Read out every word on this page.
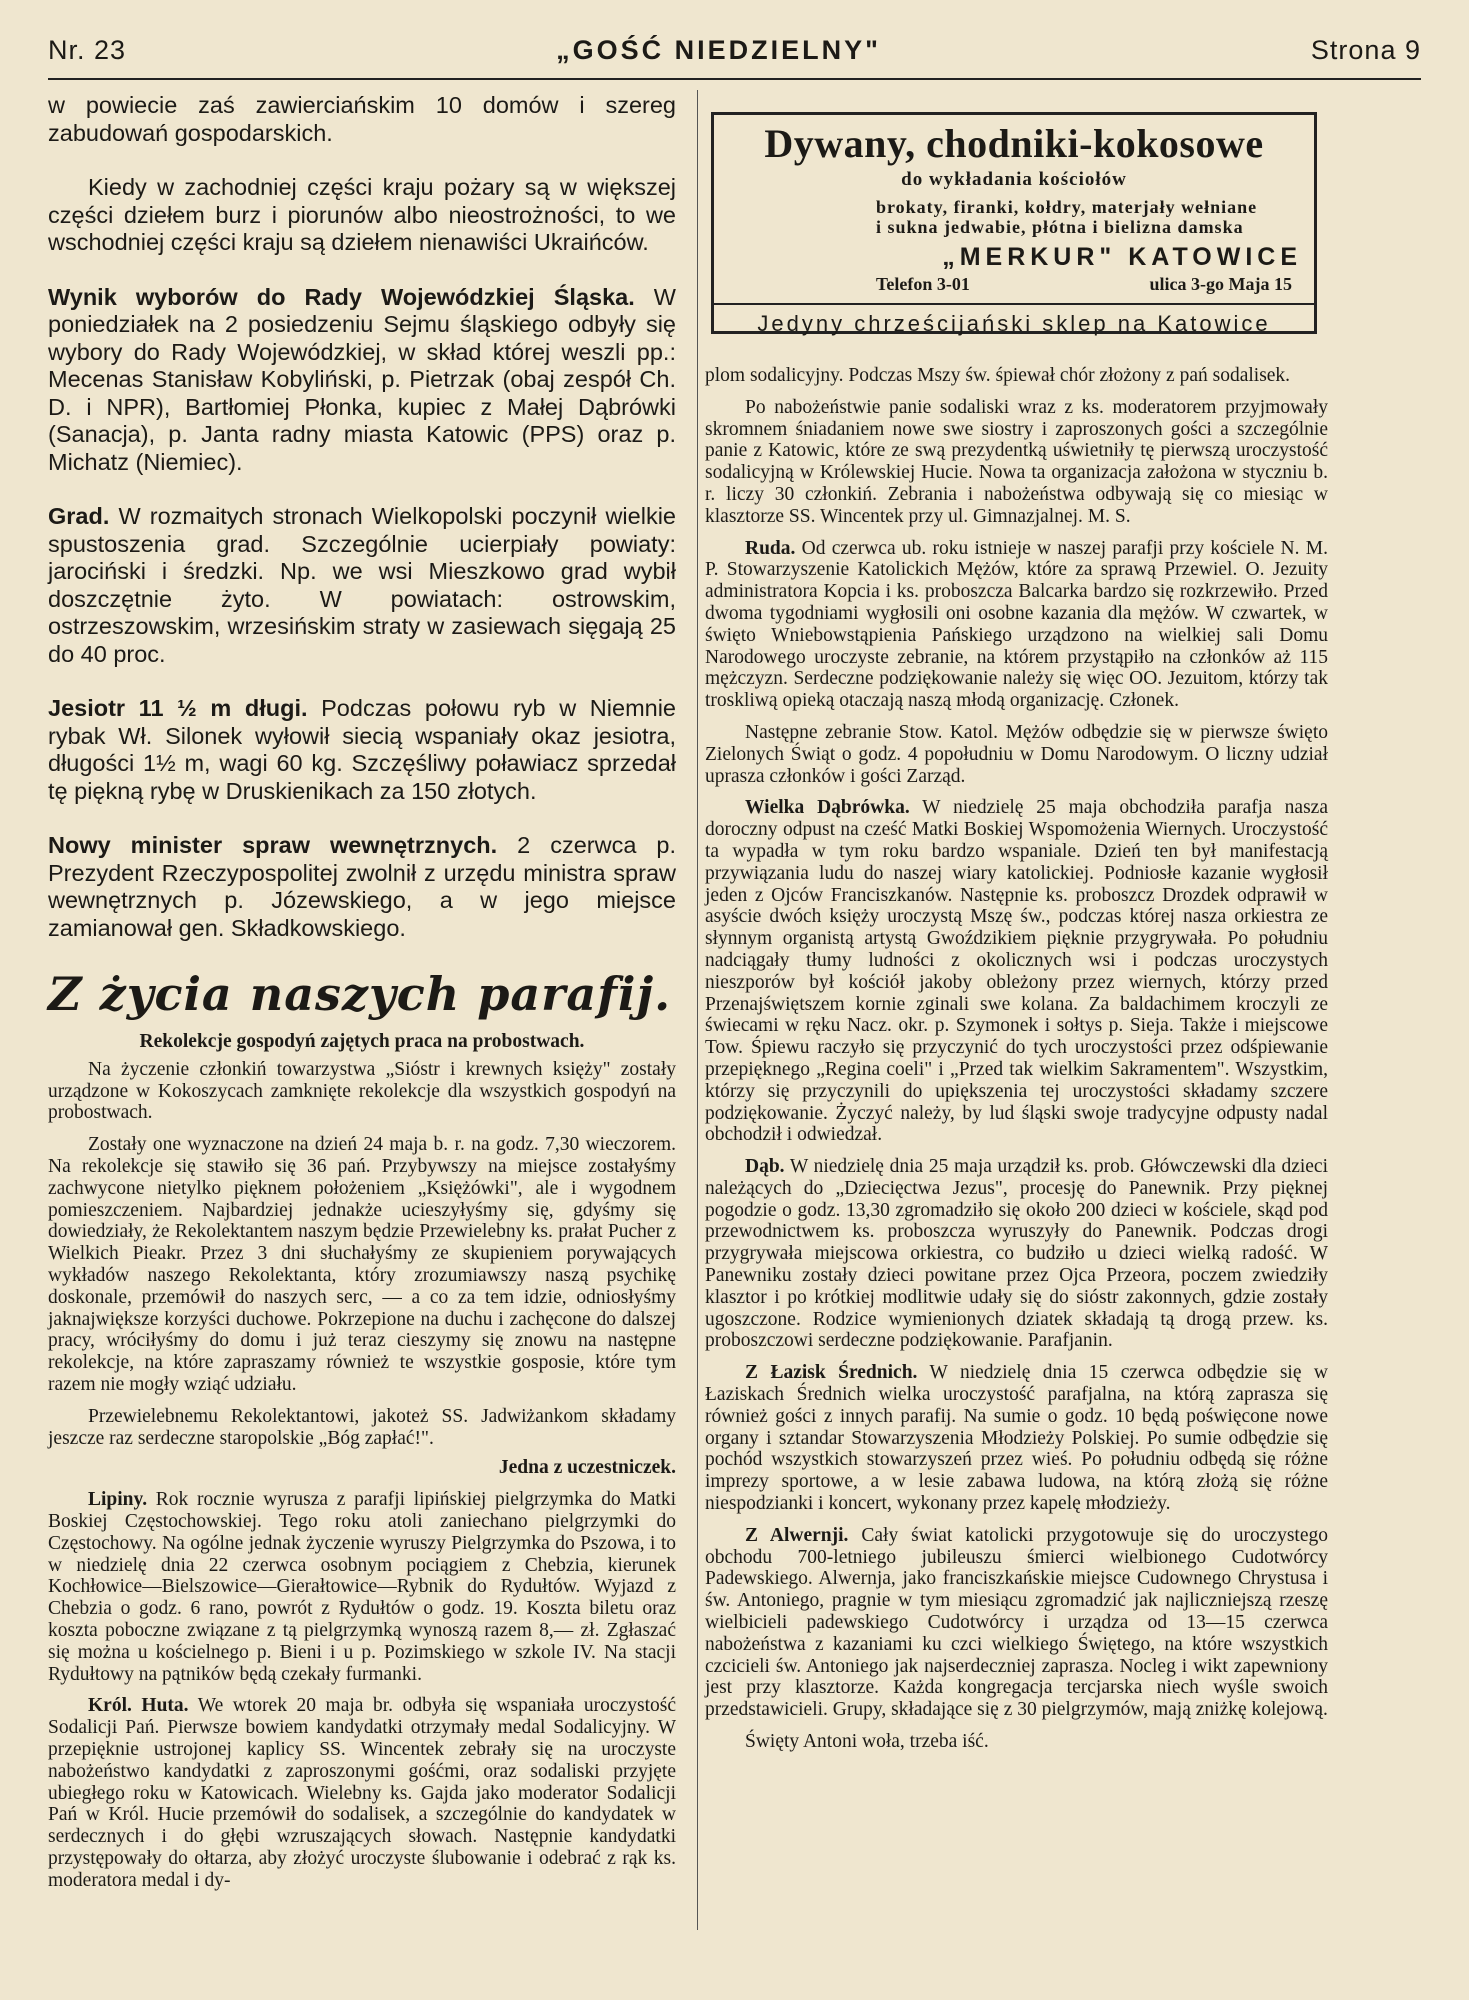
Nr. 23	„GOŚĆ NIEDZIELNY"	Strona 9

w powiecie zaś zawierciańskim 10 domów i szereg zabudowań gospodarskich.

Kiedy w zachodniej części kraju pożary są w większej części dziełem burz i piorunów albo nieostrożności, to we wschodniej części kraju są dziełem nienawiści Ukraińców.

Wynik wyborów do Rady Wojewódzkiej Śląska. W poniedziałek na 2 posiedzeniu Sejmu śląskiego odbyły się wybory do Rady Wojewódzkiej, w skład której weszli pp.: Mecenas Stanisław Kobyliński, p. Pietrzak (obaj zespół Ch. D. i NPR), Bartłomiej Płonka, kupiec z Małej Dąbrówki (Sanacja), p. Janta radny miasta Katowic (PPS) oraz p. Michatz (Niemiec).

Grad. W rozmaitych stronach Wielkopolski poczynił wielkie spustoszenia grad. Szczególnie ucierpiały powiaty: jarociński i średzki. Np. we wsi Mieszkowo grad wybił doszczętnie żyto. W powiatach: ostrowskim, ostrzeszowskim, wrzesińskim straty w zasiewach sięgają 25 do 40 proc.

Jesiotr 11 ½ m długi. Podczas połowu ryb w Niemnie rybak Wł. Silonek wyłowił siecią wspaniały okaz jesiotra, długości 1½ m, wagi 60 kg. Szczęśliwy poławiacz sprzedał tę piękną rybę w Druskienikach za 150 złotych.

Nowy minister spraw wewnętrznych. 2 czerwca p. Prezydent Rzeczypospolitej zwolnił z urzędu ministra spraw wewnętrznych p. Józewskiego, a w jego miejsce zamianował gen. Składkowskiego.

Z życia naszych parafij.

Rekolekcje gospodyń zajętych praca na probostwach.

Na życzenie członkiń towarzystwa „Sióstr i krewnych księży" zostały urządzone w Kokoszycach zamknięte rekolekcje dla wszystkich gospodyń na probostwach.

Zostały one wyznaczone na dzień 24 maja b. r. na godz. 7,30 wieczorem. Na rekolekcje się stawiło się 36 pań. Przybywszy na miejsce zostałyśmy zachwycone nietylko pięknem położeniem „Księżówki", ale i wygodnem pomieszczeniem. Najbardziej jednakże ucieszyłyśmy się, gdyśmy się dowiedziały, że Rekolektantem naszym będzie Przewielebny ks. prałat Pucher z Wielkich Pieakr. Przez 3 dni słuchałyśmy ze skupieniem porywających wykładów naszego Rekolektanta, który zrozumiawszy naszą psychikę doskonale, przemówił do naszych serc, — a co za tem idzie, odniosłyśmy jaknajwiększe korzyści duchowe. Pokrzepione na duchu i zachęcone do dalszej pracy, wróciłyśmy do domu i już teraz cieszymy się znowu na następne rekolekcje, na które zapraszamy również te wszystkie gosposie, które tym razem nie mogły wziąć udziału.

Przewielebnemu Rekolektantowi, jakoteż SS. Jadwiżankom składamy jeszcze raz serdeczne staropolskie „Bóg zapłać!".

Jedna z uczestniczek.

Lipiny. Rok rocznie wyrusza z parafji lipińskiej pielgrzymka do Matki Boskiej Częstochowskiej. Tego roku atoli zaniechano pielgrzymki do Częstochowy. Na ogólne jednak życzenie wyruszy Pielgrzymka do Pszowa, i to w niedzielę dnia 22 czerwca osobnym pociągiem z Chebzia, kierunek Kochłowice—Bielszowice—Gierałtowice—Rybnik do Rydułtów. Wyjazd z Chebzia o godz. 6 rano, powrót z Rydułtów o godz. 19. Koszta biletu oraz koszta poboczne związane z tą pielgrzymką wynoszą razem 8,— zł. Zgłaszać się można u kościelnego p. Bieni i u p. Pozimskiego w szkole IV. Na stacji Rydułtowy na pątników będą czekały furmanki.

Król. Huta. We wtorek 20 maja br. odbyła się wspaniała uroczystość Sodalicji Pań. Pierwsze bowiem kandydatki otrzymały medal Sodalicyjny. W przepięknie ustrojonej kaplicy SS. Wincentek zebrały się na uroczyste nabożeństwo kandydatki z zaproszonymi gośćmi, oraz sodaliski przyjęte ubiegłego roku w Katowicach. Wielebny ks. Gajda jako moderator Sodalicji Pań w Król. Hucie przemówił do sodalisek, a szczególnie do kandydatek w serdecznych i do głębi wzruszających słowach. Następnie kandydatki przystępowały do ołtarza, aby złożyć uroczyste ślubowanie i odebrać z rąk ks. moderatora medal i dy-

Dywany, chodniki-kokosowe
do wykładania kościołów
brokaty, firanki, kołdry, materjały wełniane
i sukna jedwabie, płótna i bielizna damska
„MERKUR" KATOWICE
Telefon 3-01	ulica 3-go Maja 15
Jedyny chrześcijański sklep na Katowice

plom sodalicyjny. Podczas Mszy św. śpiewał chór złożony z pań sodalisek.

Po nabożeństwie panie sodaliski wraz z ks. moderatorem przyjmowały skromnem śniadaniem nowe swe siostry i zaproszonych gości a szczególnie panie z Katowic, które ze swą prezydentką uświetniły tę pierwszą uroczystość sodalicyjną w Królewskiej Hucie. Nowa ta organizacja założona w styczniu b. r. liczy 30 członkiń. Zebrania i nabożeństwa odbywają się co miesiąc w klasztorze SS. Wincentek przy ul. Gimnazjalnej. M. S.

Ruda. Od czerwca ub. roku istnieje w naszej parafji przy kościele N. M. P. Stowarzyszenie Katolickich Mężów, które za sprawą Przewiel. O. Jezuity administratora Kopcia i ks. proboszcza Balcarka bardzo się rozkrzewiło. Przed dwoma tygodniami wygłosili oni osobne kazania dla mężów. W czwartek, w święto Wniebowstąpienia Pańskiego urządzono na wielkiej sali Domu Narodowego uroczyste zebranie, na którem przystąpiło na członków aż 115 mężczyzn. Serdeczne podziękowanie należy się więc OO. Jezuitom, którzy tak troskliwą opieką otaczają naszą młodą organizację. Członek.

Następne zebranie Stow. Katol. Mężów odbędzie się w pierwsze święto Zielonych Świąt o godz. 4 popołudniu w Domu Narodowym. O liczny udział uprasza członków i gości Zarząd.

Wielka Dąbrówka. W niedzielę 25 maja obchodziła parafja nasza doroczny odpust na cześć Matki Boskiej Wspomożenia Wiernych. Uroczystość ta wypadła w tym roku bardzo wspaniale. Dzień ten był manifestacją przywiązania ludu do naszej wiary katolickiej. Podniosłe kazanie wygłosił jeden z Ojców Franciszkanów. Następnie ks. proboszcz Drozdek odprawił w asyście dwóch księży uroczystą Mszę św., podczas której nasza orkiestra ze słynnym organistą artystą Gwoździkiem pięknie przygrywała. Po południu nadciągały tłumy ludności z okolicznych wsi i podczas uroczystych nieszporów był kościół jakoby obleżony przez wiernych, którzy przed Przenajświętszem kornie zginali swe kolana. Za baldachimem kroczyli ze świecami w ręku Nacz. okr. p. Szymonek i sołtys p. Sieja. Także i miejscowe Tow. Śpiewu raczyło się przyczynić do tych uroczystości przez odśpiewanie przepięknego „Regina coeli" i „Przed tak wielkim Sakramentem". Wszystkim, którzy się przyczynili do upiększenia tej uroczystości składamy szczere podziękowanie. Życzyć należy, by lud śląski swoje tradycyjne odpusty nadal obchodził i odwiedzał.

Dąb. W niedzielę dnia 25 maja urządził ks. prob. Główczewski dla dzieci należących do „Dziecięctwa Jezus", procesję do Panewnik. Przy pięknej pogodzie o godz. 13,30 zgromadziło się około 200 dzieci w kościele, skąd pod przewodnictwem ks. proboszcza wyruszyły do Panewnik. Podczas drogi przygrywała miejscowa orkiestra, co budziło u dzieci wielką radość. W Panewniku zostały dzieci powitane przez Ojca Przeora, poczem zwiedziły klasztor i po krótkiej modlitwie udały się do sióstr zakonnych, gdzie zostały ugoszczone. Rodzice wymienionych dziatek składają tą drogą przew. ks. proboszczowi serdeczne podziękowanie. Parafjanin.

Z Łazisk Średnich. W niedzielę dnia 15 czerwca odbędzie się w Łaziskach Średnich wielka uroczystość parafjalna, na którą zaprasza się również gości z innych parafij. Na sumie o godz. 10 będą poświęcone nowe organy i sztandar Stowarzyszenia Młodzieży Polskiej. Po sumie odbędzie się pochód wszystkich stowarzyszeń przez wieś. Po południu odbędą się różne imprezy sportowe, a w lesie zabawa ludowa, na którą złożą się różne niespodzianki i koncert, wykonany przez kapelę młodzieży.

Z Alwernji. Cały świat katolicki przygotowuje się do uroczystego obchodu 700-letniego jubileuszu śmierci wielbionego Cudotwórcy Padewskiego. Alwernja, jako franciszkańskie miejsce Cudownego Chrystusa i św. Antoniego, pragnie w tym miesiącu zgromadzić jak najliczniejszą rzeszę wielbicieli padewskiego Cudotwórcy i urządza od 13—15 czerwca nabożeństwa z kazaniami ku czci wielkiego Świętego, na które wszystkich czcicieli św. Antoniego jak najserdeczniej zaprasza. Nocleg i wikt zapewniony jest przy klasztorze. Każda kongregacja tercjarska niech wyśle swoich przedstawicieli. Grupy, składające się z 30 pielgrzymów, mają zniżkę kolejową.

Święty Antoni woła, trzeba iść.
